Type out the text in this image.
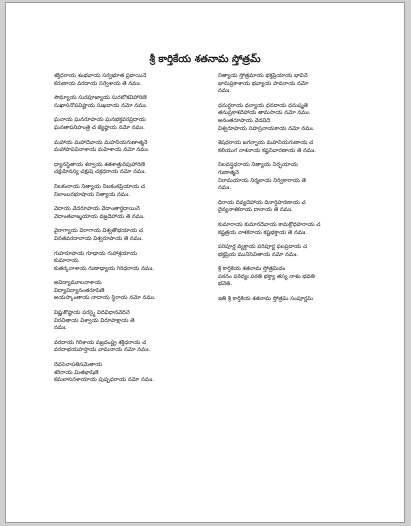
శ్రీ కార్తికేయ శతనామ స్తోత్రమ్
శక్తిధరాయ శంభవాయ సర్వభూత ప్రదాయినే
కరుణాయ వరదాయ సర్వేశాయ తే నమః.
సౌమ్యాయ సురపూజ్యాయ సురలోకవిహారిణే
సుఖాసనోపవిష్టాయ సుఖదాయ నమో నమః.
ఘనాయ ఘనరూపాయ ఘనభక్తవరప్రదాయ
ఘనతాపనిహంత్రే చ జ్యేష్ఠాయ నమో నమః.
మహాయ మహాదేవాయ మహనీయగుణాత్మనే
మహాపాపవినాశాయ మహేశాయ నమో నమః.
ధ్యానస్థితాయ శర్వాయ శతశాత్రురిపుహారిణే
చక్షుహీనస్య చక్షుషే చక్రధరాయ నమో నమః.
నీలకంఠాయ నిత్యాయ నీలకంఠప్రియాయ చ
నీలాంబరభూషాయ నిత్యాయ నమః.
వేదాయ వేదరూపాయ వేదాంతార్థదాయినే
వేదాంతవాఙ్మయాయ వజ్రదేహాయ తే నమః.
వైరాగ్యాయ విరాగాయ విశ్వతోభయాయ చ
వినతవరదానాయ విశ్వరూపాయ తే నమః.
గుహరూపాయ గూఢాయ గుహాశ్రయాయ
కుమారాయ
కుతర్కనాశాయ గుణాఢ్యాయ గిరిధరాయ నమః.
అవిద్యామూలనాశాయ
విద్యావిద్యానంతరూపిణే
అయస్కాంతాయ నాదాయ స్థిరాయ నమో నమః.
విష్ణుకోష్ఠాయ పరస్మై విదివిధానవేదినే
విరచితాయ విశ్వాయ విరూపాక్షాయ తే
నమః.
వరదాయ గిరీశాయ వజ్రదంష్ట్ర శక్తిధరాయ చ
వరదాభయహస్తాయ వామనాయ నమో నమః.
దేవసేనాపతిసమేతాయ
శరీరాయ మితభాషిణే
కమలాసనశాయాయ పుష్పధరాయ నమో నమః.
నిత్యాయ స్తోత్రమాయ భక్తప్రియాయ భావినే
భానుప్రకాశాయ భవ్యాయ పావనాయ నమో
నమః.
ధనుర్ధరాయ ధన్యాయ ధనదాయ ధనుష్మతే
తనుప్రకాశదేహాయ తామసాయ నమో నమః.
అనంతరూపాయ వేదవిదే
విశ్వరూపాయ సహస్రనాయకాయ నమో నమః.
శేషధరాయ జగన్నాయ మహనీయగుణాయ చ
కలియుగ నాశనాయ కష్టనివారణాయ తే నమః.
నీలవస్త్రధరాయ నిత్యాయ నిర్భయాయ
గుణాత్మనే
నిరామయాయ నిర్మలాయ నిర్వికారాయ తే
నమః.
ధీరాయ దివ్యదేహాయ దీనార్తిహరణాయ చ
దైన్యనాశకరాయ దానాయ తే నమః.
కుమారాయ కుమారదేవాయ కామక్రోధహరాయ చ
కష్టత్రయ నాశకరాయ కష్టభక్తాయ తే నమః.
పరిపూర్ణ వ్యక్తాయ పరిపూర్ణ ఫలప్రదాయ చ
భక్తప్రియ మునిసేవితాయ నమో నమః.
శ్రీ కార్తికేయ శతనామ స్తోత్రమిదం
పఠనం పఠేద్యః పఠతి భక్త్యా తస్య నాశం భవతి
భవేత్.
ఇతి శ్రీ కార్తికేయ శతనామ స్తోత్రమ్ సంపూర్ణమ్
